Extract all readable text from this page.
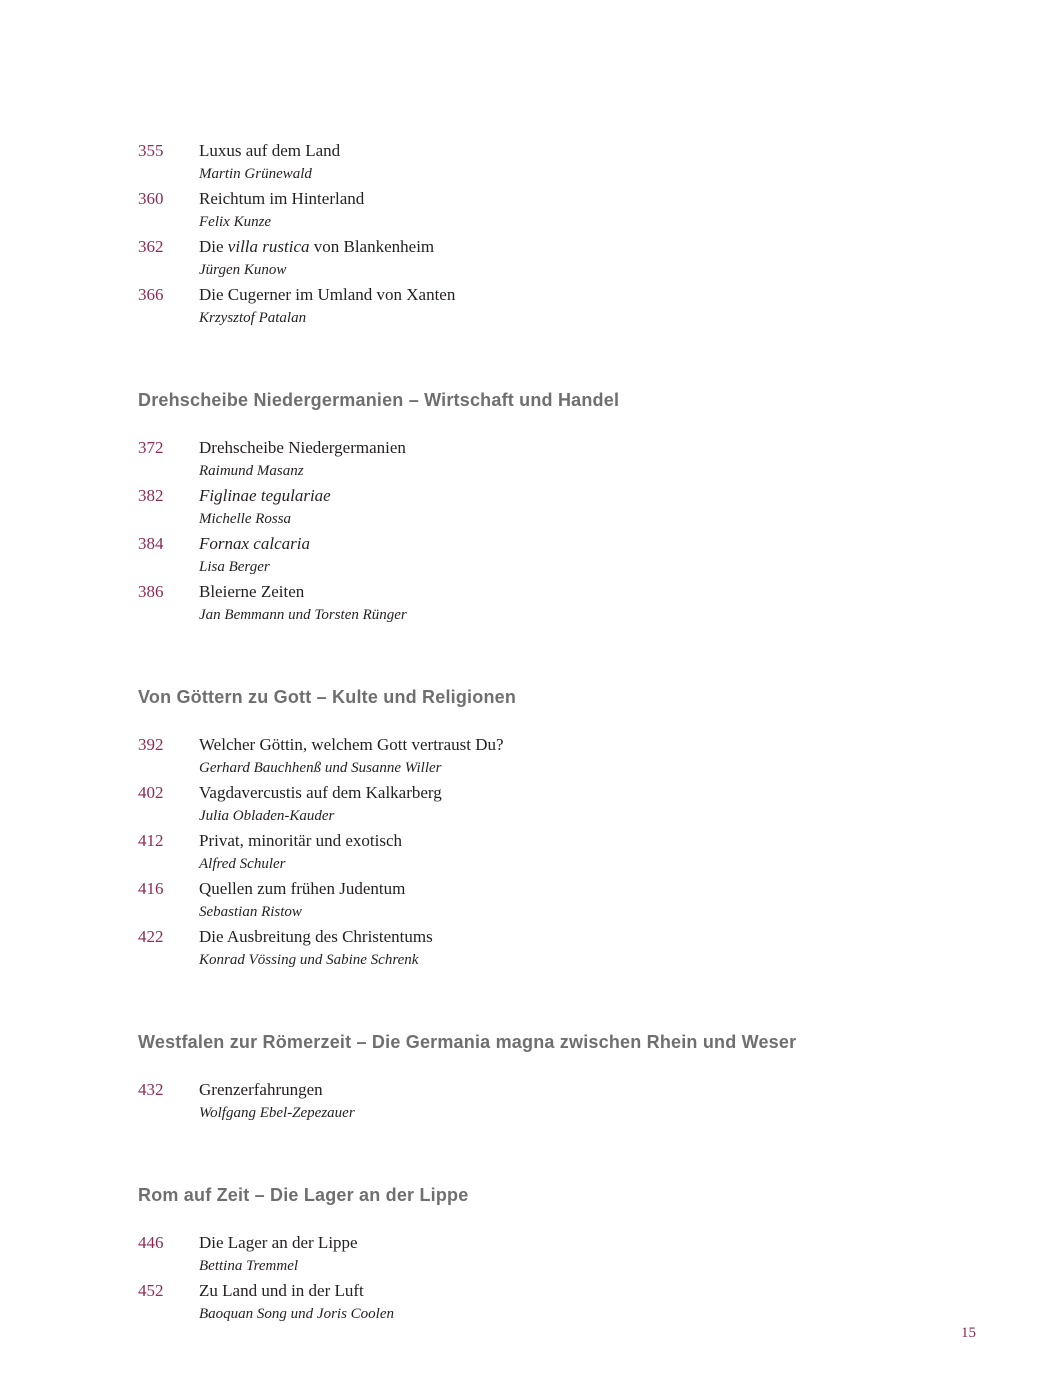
355 Luxus auf dem Land
Martin Grünewald
360 Reichtum im Hinterland
Felix Kunze
362 Die villa rustica von Blankenheim
Jürgen Kunow
366 Die Cugerner im Umland von Xanten
Krzysztof Patalan
Drehscheibe Niedergermanien – Wirtschaft und Handel
372 Drehscheibe Niedergermanien
Raimund Masanz
382 Figlinae tegulariae
Michelle Rossa
384 Fornax calcaria
Lisa Berger
386 Bleierne Zeiten
Jan Bemmann und Torsten Rünger
Von Göttern zu Gott – Kulte und Religionen
392 Welcher Göttin, welchem Gott vertraust Du?
Gerhard Bauchhenß und Susanne Willer
402 Vagdavercustis auf dem Kalkarberg
Julia Obladen-Kauder
412 Privat, minoritär und exotisch
Alfred Schuler
416 Quellen zum frühen Judentum
Sebastian Ristow
422 Die Ausbreitung des Christentums
Konrad Vössing und Sabine Schrenk
Westfalen zur Römerzeit – Die Germania magna zwischen Rhein und Weser
432 Grenzerfahrungen
Wolfgang Ebel-Zepezauer
Rom auf Zeit – Die Lager an der Lippe
446 Die Lager an der Lippe
Bettina Tremmel
452 Zu Land und in der Luft
Baoquan Song und Joris Coolen
15
